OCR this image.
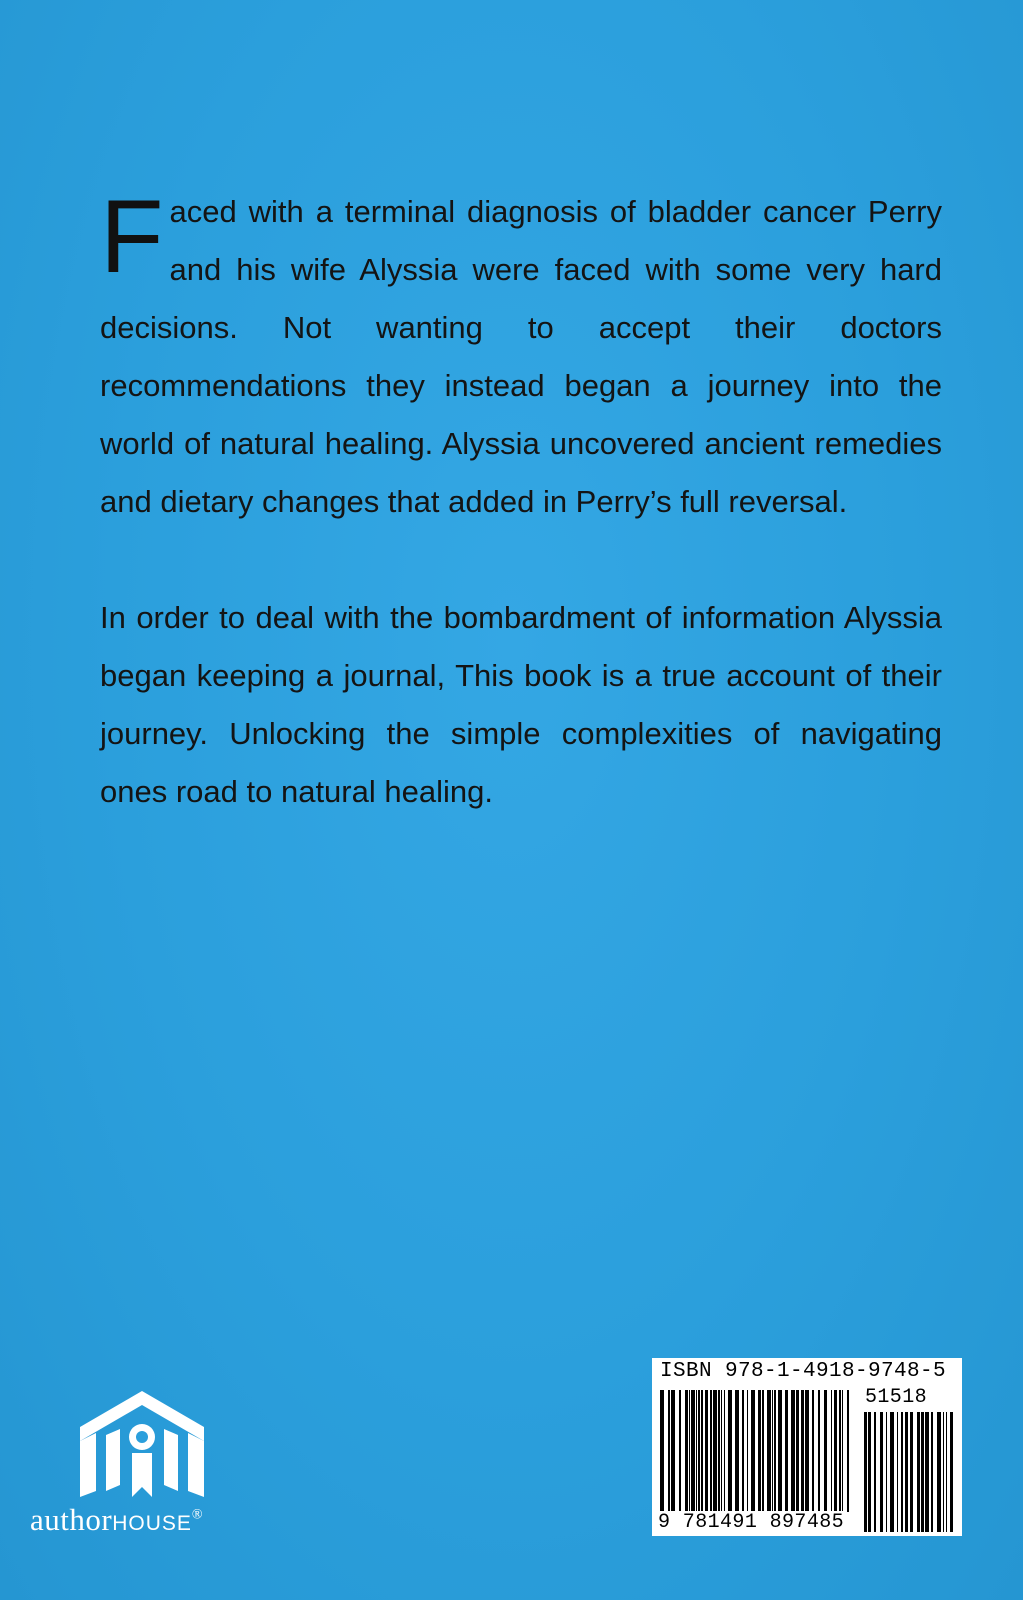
Faced with a terminal diagnosis of bladder cancer Perry and his wife Alyssia were faced with some very hard decisions. Not wanting to accept their doctors recommendations they instead began a journey into the world of natural healing. Alyssia uncovered ancient remedies and dietary changes that added in Perry’s full reversal.

In order to deal with the bombardment of information Alyssia began keeping a journal, This book is a true account of their journey. Unlocking the simple complexities of navigating ones road to natural healing.

authorHOUSE®
ISBN 978-1-4918-9748-5
51518
9 781491 897485
